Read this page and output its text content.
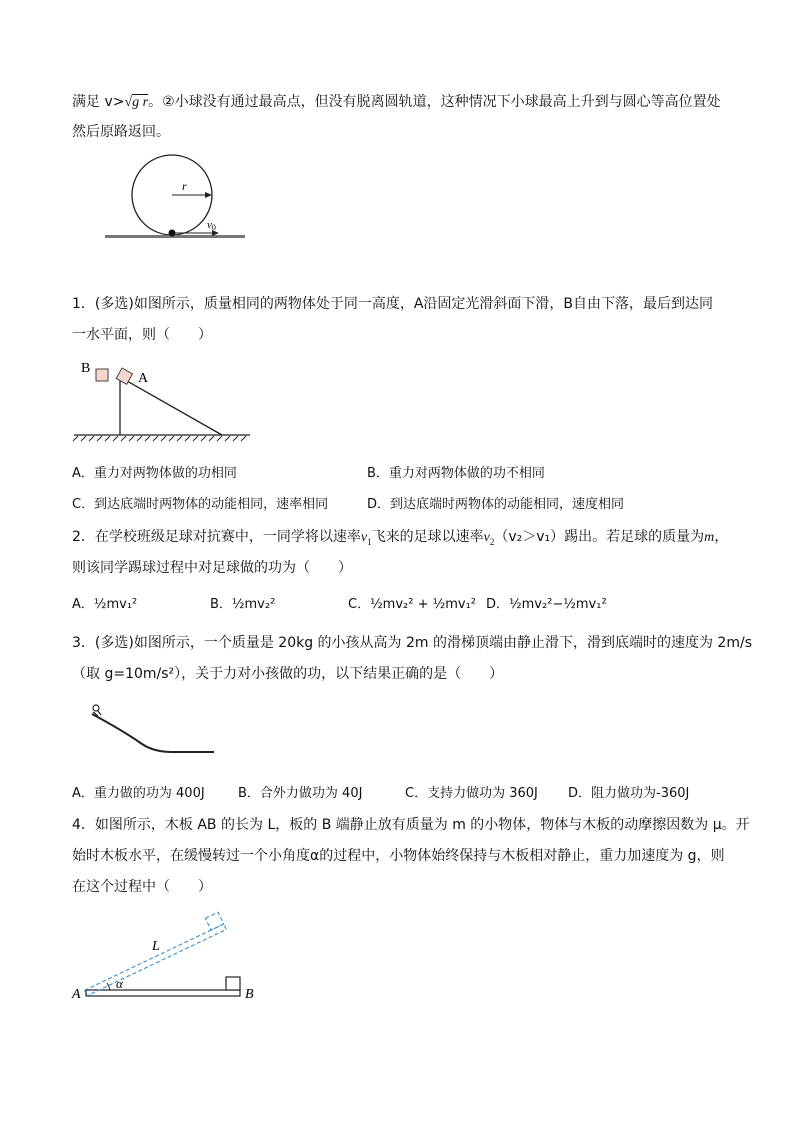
满足 v>√g r。②小球没有通过最高点，但没有脱离圆轨道，这种情况下小球最高上升到与圆心等高位置处
然后原路返回。
r
v0
1．(多选)如图所示，质量相同的两物体处于同一高度，A沿固定光滑斜面下滑，B自由下落，最后到达同
一水平面，则（　　）
B
A
A．重力对两物体做的功相同	B．重力对两物体做的功不相同
C．到达底端时两物体的动能相同，速率相同	D．到达底端时两物体的动能相同，速度相同
2．在学校班级足球对抗赛中，一同学将以速率$v_1$飞来的足球以速率$v_2(v_2>v_1)$踢出。若足球的质量为m，
则该同学踢球过程中对足球做的功为（　　）
A．½mv₁²	B．½mv₂²	C．½mv₂² + ½mv₁² D．½mv₂²−½mv₁²
3．(多选)如图所示，一个质量是 20kg 的小孩从高为 2m 的滑梯顶端由静止滑下，滑到底端时的速度为 2m/s
（取 g=10m/s²），关于力对小孩做的功，以下结果正确的是（　　）
A．重力做的功为 400J	B．合外力做功为 40J	C．支持力做功为 360J D．阻力做功为-360J
4．如图所示，木板 AB 的长为 L，板的 B 端静止放有质量为 m 的小物体，物体与木板的动摩擦因数为 μ。开
始时木板水平，在缓慢转过一个小角度α的过程中，小物体始终保持与木板相对静止，重力加速度为 g，则
在这个过程中（　　）
α
L
A	B
